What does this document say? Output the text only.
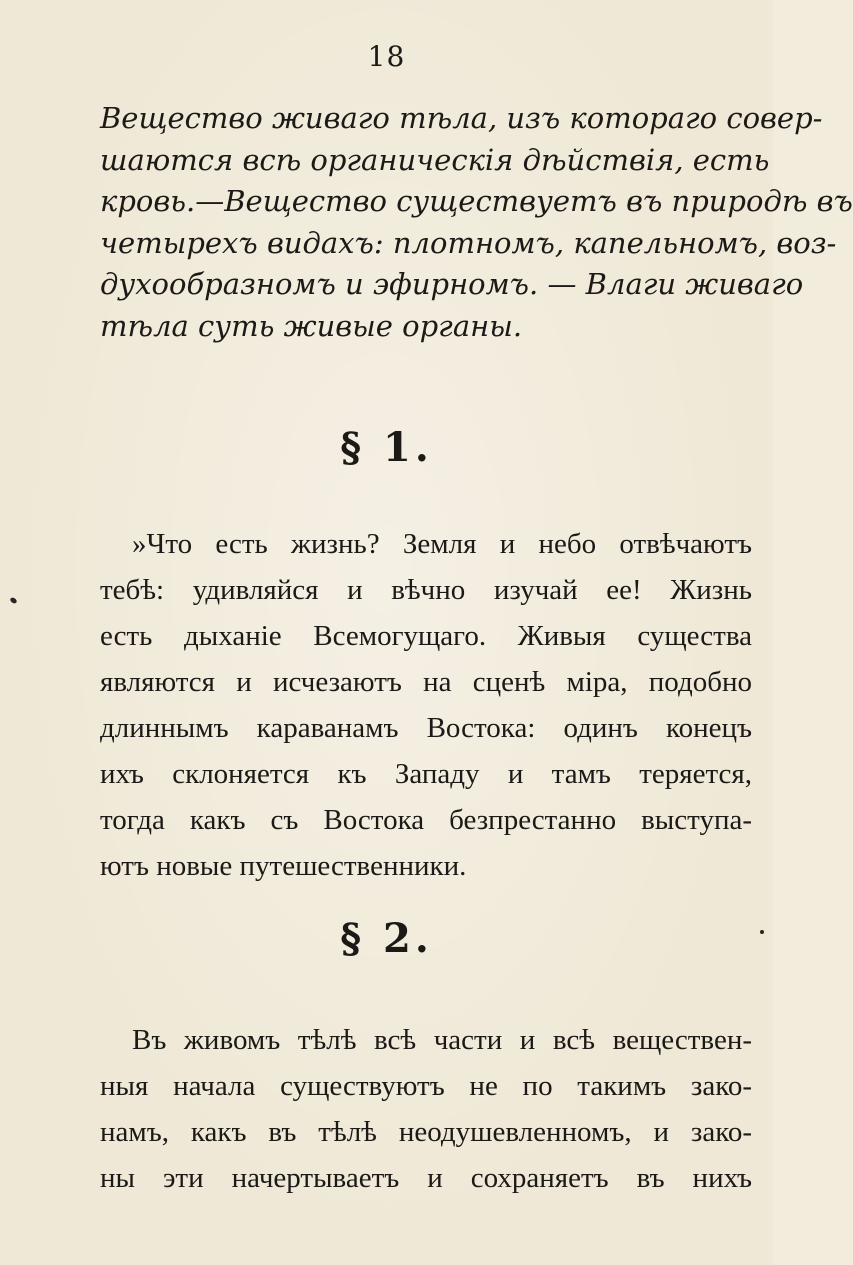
18
Вещество живаго тѣла, изъ котораго совер-
шаются всѣ органическія дѣйствія, есть
кровь.—Вещество существуетъ въ природѣ въ
четырехъ видахъ: плотномъ, капельномъ, воз-
духообразномъ и эфирномъ. — Влаги живаго
тѣла суть живые органы.
§ 1.
»Что есть жизнь? Земля и небо отвѣчаютъ
тебѣ: удивляйся и вѣчно изучай ее! Жизнь
есть дыханіе Всемогущаго. Живыя существа
являются и исчезаютъ на сценѣ міра, подобно
длиннымъ караванамъ Востока: одинъ конецъ
ихъ склоняется къ Западу и тамъ теряется,
тогда какъ съ Востока безпрестанно выступа-
ютъ новые путешественники.
§ 2.
Въ живомъ тѣлѣ всѣ части и всѣ веществен-
ныя начала существуютъ не по такимъ зако-
намъ, какъ въ тѣлѣ неодушевленномъ, и зако-
ны эти начертываетъ и сохраняетъ въ нихъ
